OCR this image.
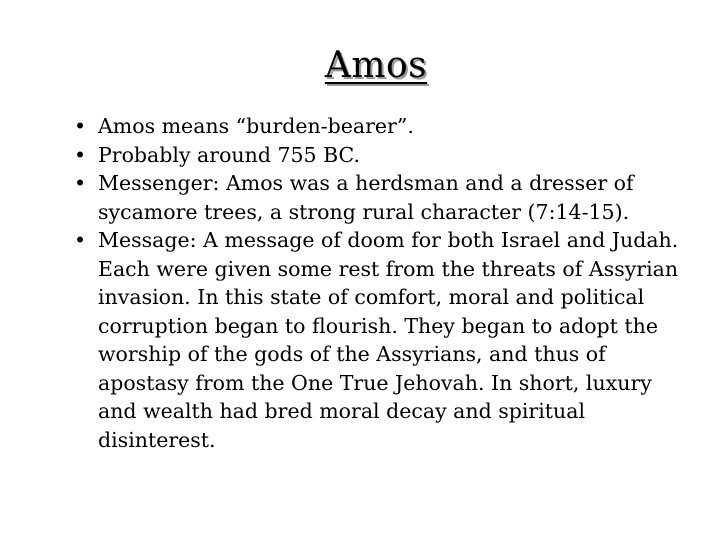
Amos
• Amos means “burden-bearer”.
• Probably around 755 BC.
• Messenger: Amos was a herdsman and a dresser of sycamore trees, a strong rural character (7:14-15).
• Message: A message of doom for both Israel and Judah. Each were given some rest from the threats of Assyrian invasion. In this state of comfort, moral and political corruption began to flourish. They began to adopt the worship of the gods of the Assyrians, and thus of apostasy from the One True Jehovah. In short, luxury and wealth had bred moral decay and spiritual disinterest.
